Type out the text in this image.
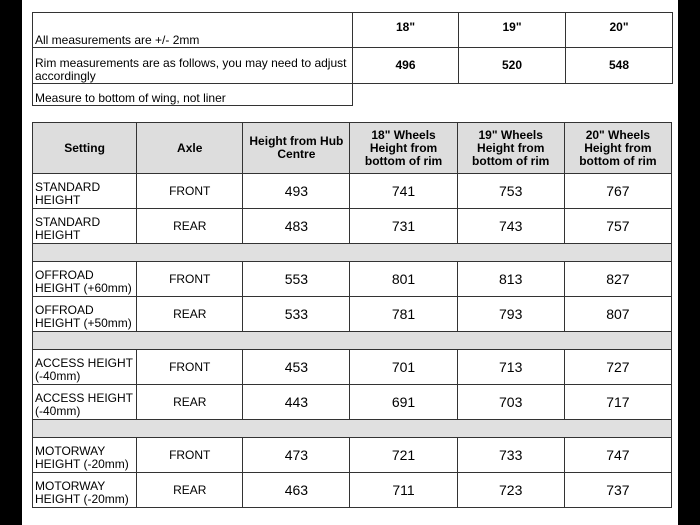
All measurements are +/- 2mm	18"	19"	20"
Rim measurements are as follows, you may need to adjust accordingly	496	520	548
Measure to bottom of wing, not liner			
Setting	Axle	Height from Hub Centre	18" Wheels Height from bottom of rim	19" Wheels Height from bottom of rim	20" Wheels Height from bottom of rim
STANDARD HEIGHT	FRONT	493	741	753	767
STANDARD HEIGHT	REAR	483	731	743	757

OFFROAD HEIGHT (+60mm)	FRONT	553	801	813	827
OFFROAD HEIGHT (+50mm)	REAR	533	781	793	807

ACCESS HEIGHT (-40mm)	FRONT	453	701	713	727
ACCESS HEIGHT (-40mm)	REAR	443	691	703	717

MOTORWAY HEIGHT (-20mm)	FRONT	473	721	733	747
MOTORWAY HEIGHT (-20mm)	REAR	463	711	723	737
